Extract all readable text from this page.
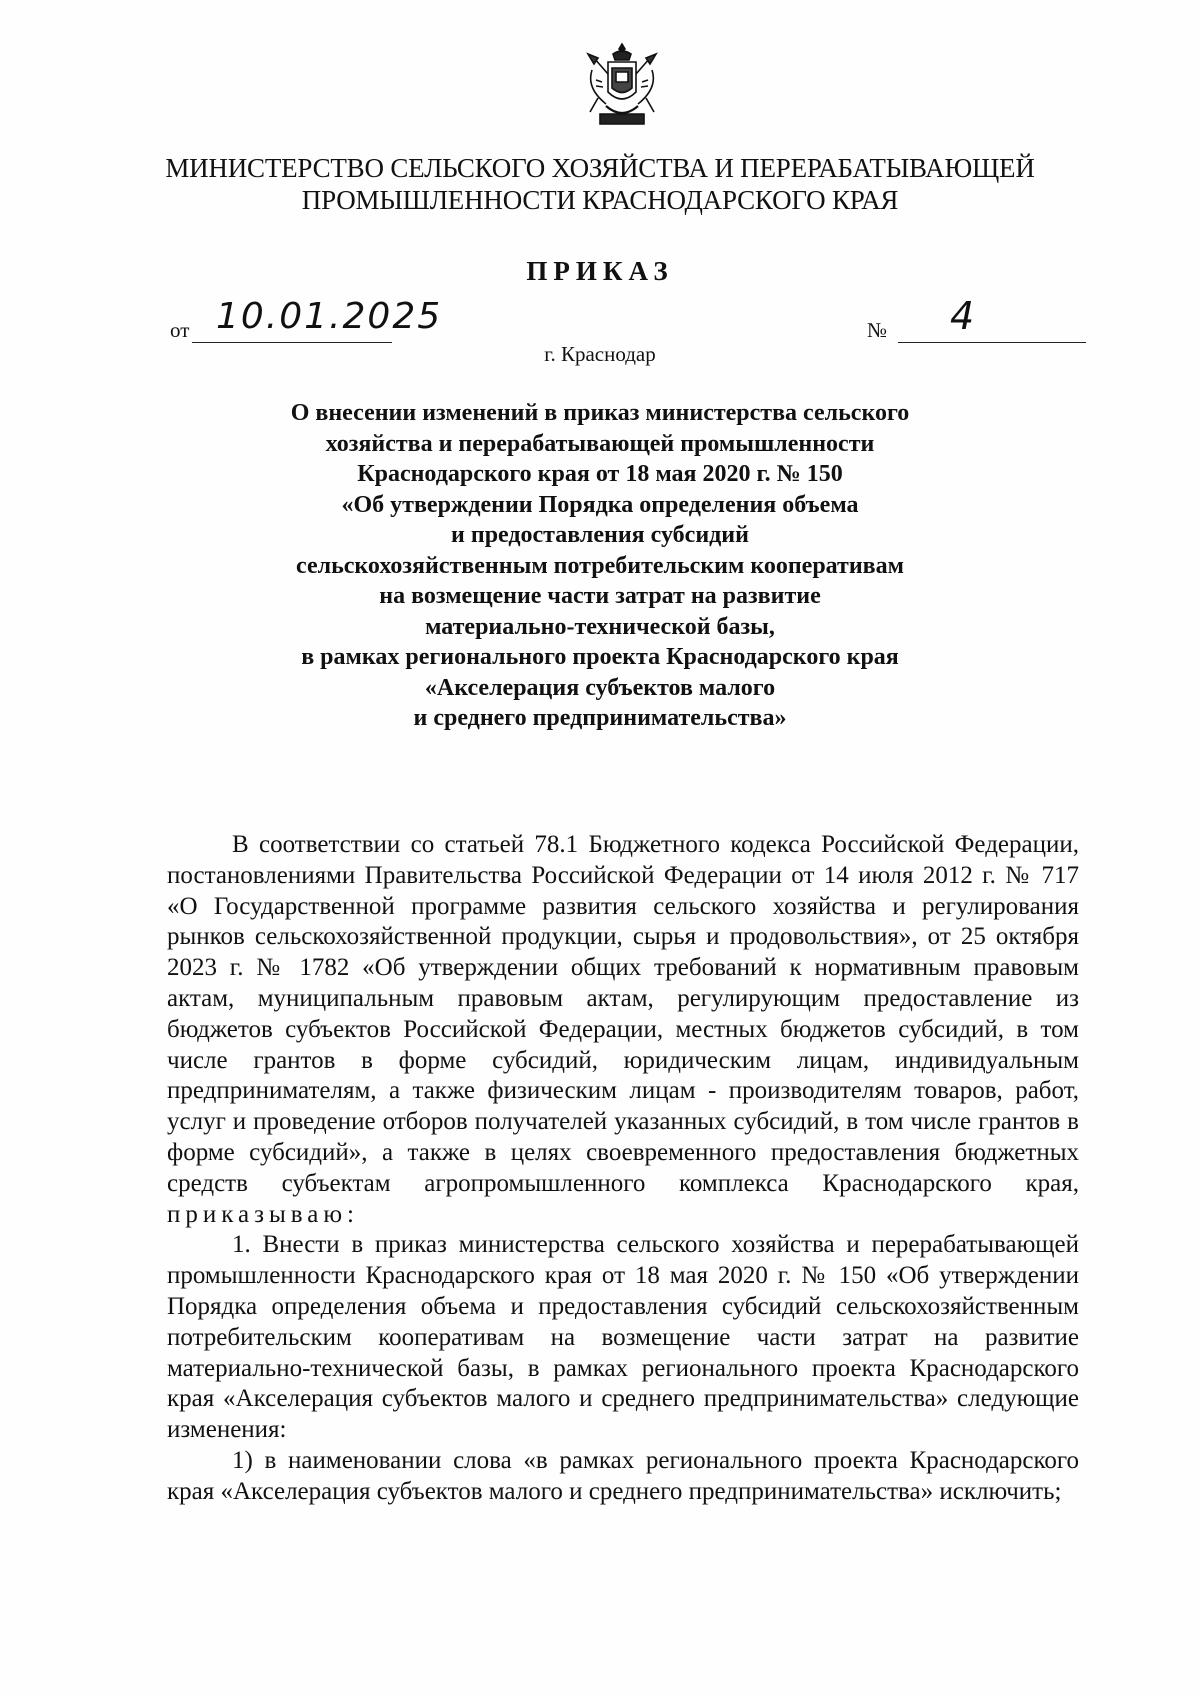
МИНИСТЕРСТВО СЕЛЬСКОГО ХОЗЯЙСТВА И ПЕРЕРАБАТЫВАЮЩЕЙ
ПРОМЫШЛЕННОСТИ КРАСНОДАРСКОГО КРАЯ
ПРИКАЗ
от 10.01.2025	№ 4
г. Краснодар
О внесении изменений в приказ министерства сельского
хозяйства и перерабатывающей промышленности
Краснодарского края от 18 мая 2020 г. № 150
«Об утверждении Порядка определения объема
и предоставления субсидий
сельскохозяйственным потребительским кооперативам
на возмещение части затрат на развитие
материально-технической базы,
в рамках регионального проекта Краснодарского края
«Акселерация субъектов малого
и среднего предпринимательства»

В соответствии со статьей 78.1 Бюджетного кодекса Российской Федерации, постановлениями Правительства Российской Федерации от 14 июля 2012 г. № 717 «О Государственной программе развития сельского хозяйства и регулирования рынков сельскохозяйственной продукции, сырья и продовольствия», от 25 октября 2023 г. № 1782 «Об утверждении общих требований к нормативным правовым актам, муниципальным правовым актам, регулирующим предоставление из бюджетов субъектов Российской Федерации, местных бюджетов субсидий, в том числе грантов в форме субсидий, юридическим лицам, индивидуальным предпринимателям, а также физическим лицам - производителям товаров, работ, услуг и проведение отборов получателей указанных субсидий, в том числе грантов в форме субсидий», а также в целях своевременного предоставления бюджетных средств субъектам агропромышленного комплекса Краснодарского края, приказываю:

1. Внести в приказ министерства сельского хозяйства и перерабатывающей промышленности Краснодарского края от 18 мая 2020 г. № 150 «Об утверждении Порядка определения объема и предоставления субсидий сельскохозяйственным потребительским кооперативам на возмещение части затрат на развитие материально-технической базы, в рамках регионального проекта Краснодарского края «Акселерация субъектов малого и среднего предпринимательства» следующие изменения:

1) в наименовании слова «в рамках регионального проекта Краснодарского края «Акселерация субъектов малого и среднего предпринимательства» исключить;
